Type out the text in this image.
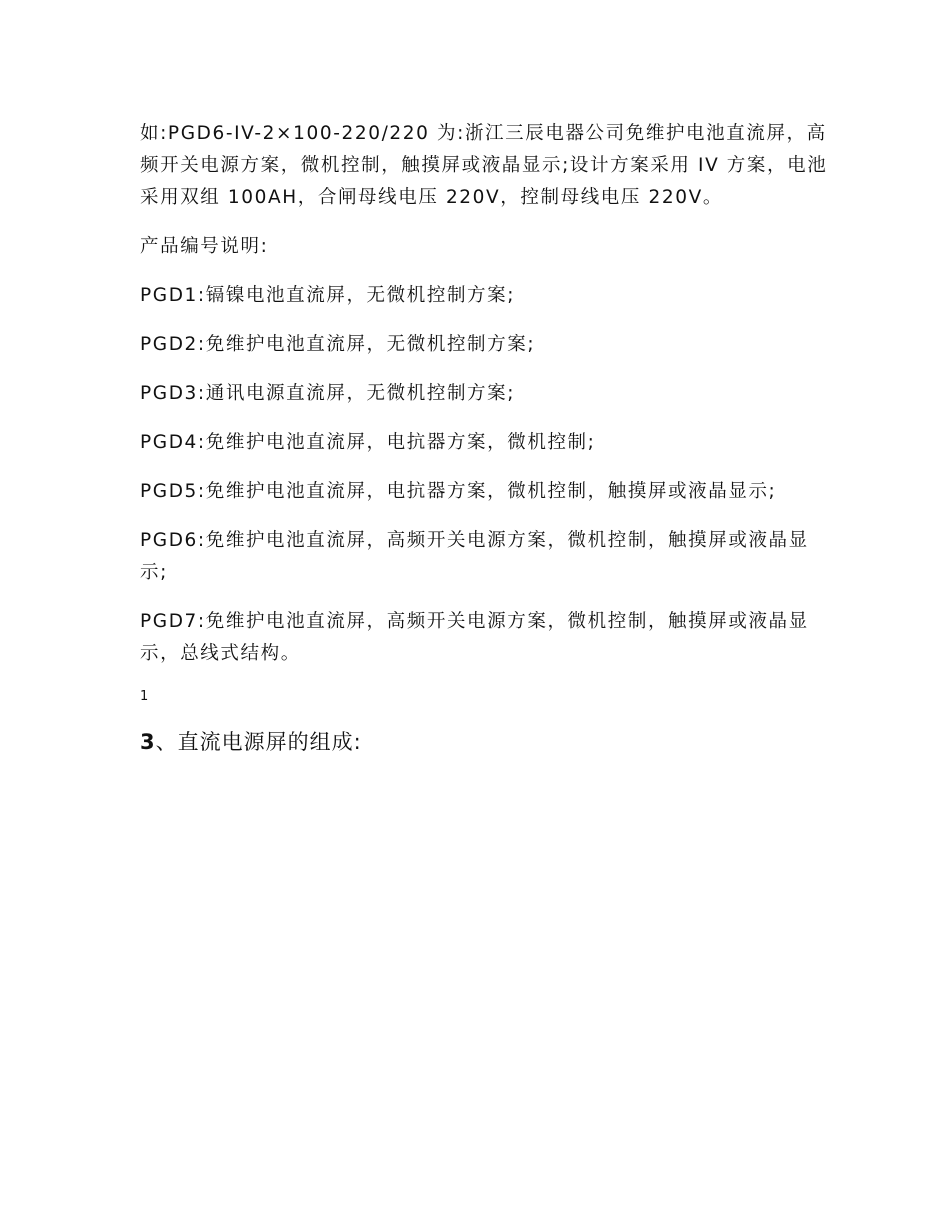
如:PGD6-IV-2×100-220/220 为:浙江三辰电器公司免维护电池直流屏，高频开关电源方案，微机控制，触摸屏或液晶显示;设计方案采用 IV 方案，电池采用双组 100AH，合闸母线电压 220V，控制母线电压 220V。

产品编号说明:

PGD1:镉镍电池直流屏，无微机控制方案;

PGD2:免维护电池直流屏，无微机控制方案;

PGD3:通讯电源直流屏，无微机控制方案;

PGD4:免维护电池直流屏，电抗器方案，微机控制;

PGD5:免维护电池直流屏，电抗器方案，微机控制，触摸屏或液晶显示;

PGD6:免维护电池直流屏，高频开关电源方案，微机控制，触摸屏或液晶显示;

PGD7:免维护电池直流屏，高频开关电源方案，微机控制，触摸屏或液晶显示，总线式结构。

1
3、直流电源屏的组成:
